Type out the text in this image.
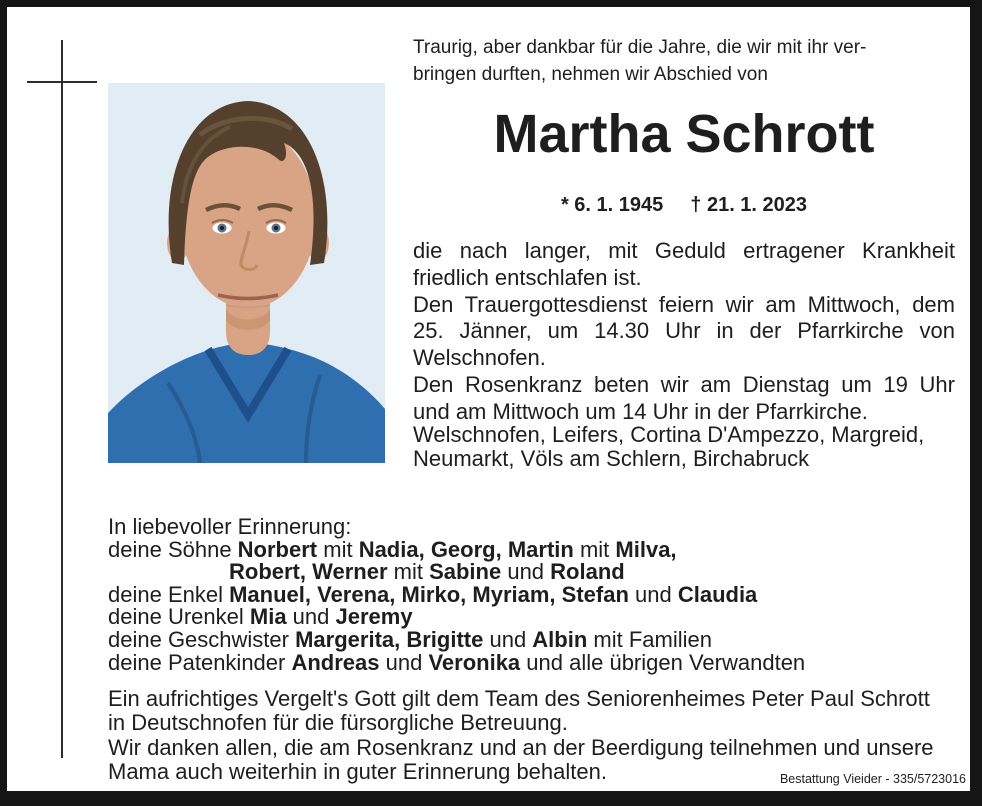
Traurig, aber dankbar für die Jahre, die wir mit ihr ver-
bringen durften, nehmen wir Abschied von
Martha Schrott
* 6. 1. 1945 † 21. 1. 2023
die nach langer, mit Geduld ertragener Krankheit
friedlich entschlafen ist.
Den Trauergottesdienst feiern wir am Mittwoch, dem
25. Jänner, um 14.30 Uhr in der Pfarrkirche von
Welschnofen.
Den Rosenkranz beten wir am Dienstag um 19 Uhr
und am Mittwoch um 14 Uhr in der Pfarrkirche.
Welschnofen, Leifers, Cortina D'Ampezzo, Margreid,
Neumarkt, Völs am Schlern, Birchabruck
In liebevoller Erinnerung:
deine Söhne Norbert mit Nadia, Georg, Martin mit Milva,
Robert, Werner mit Sabine und Roland
deine Enkel Manuel, Verena, Mirko, Myriam, Stefan und Claudia
deine Urenkel Mia und Jeremy
deine Geschwister Margerita, Brigitte und Albin mit Familien
deine Patenkinder Andreas und Veronika und alle übrigen Verwandten
Ein aufrichtiges Vergelt's Gott gilt dem Team des Seniorenheimes Peter Paul Schrott
in Deutschnofen für die fürsorgliche Betreuung.
Wir danken allen, die am Rosenkranz und an der Beerdigung teilnehmen und unsere
Mama auch weiterhin in guter Erinnerung behalten.	Bestattung Vieider - 335/5723016
